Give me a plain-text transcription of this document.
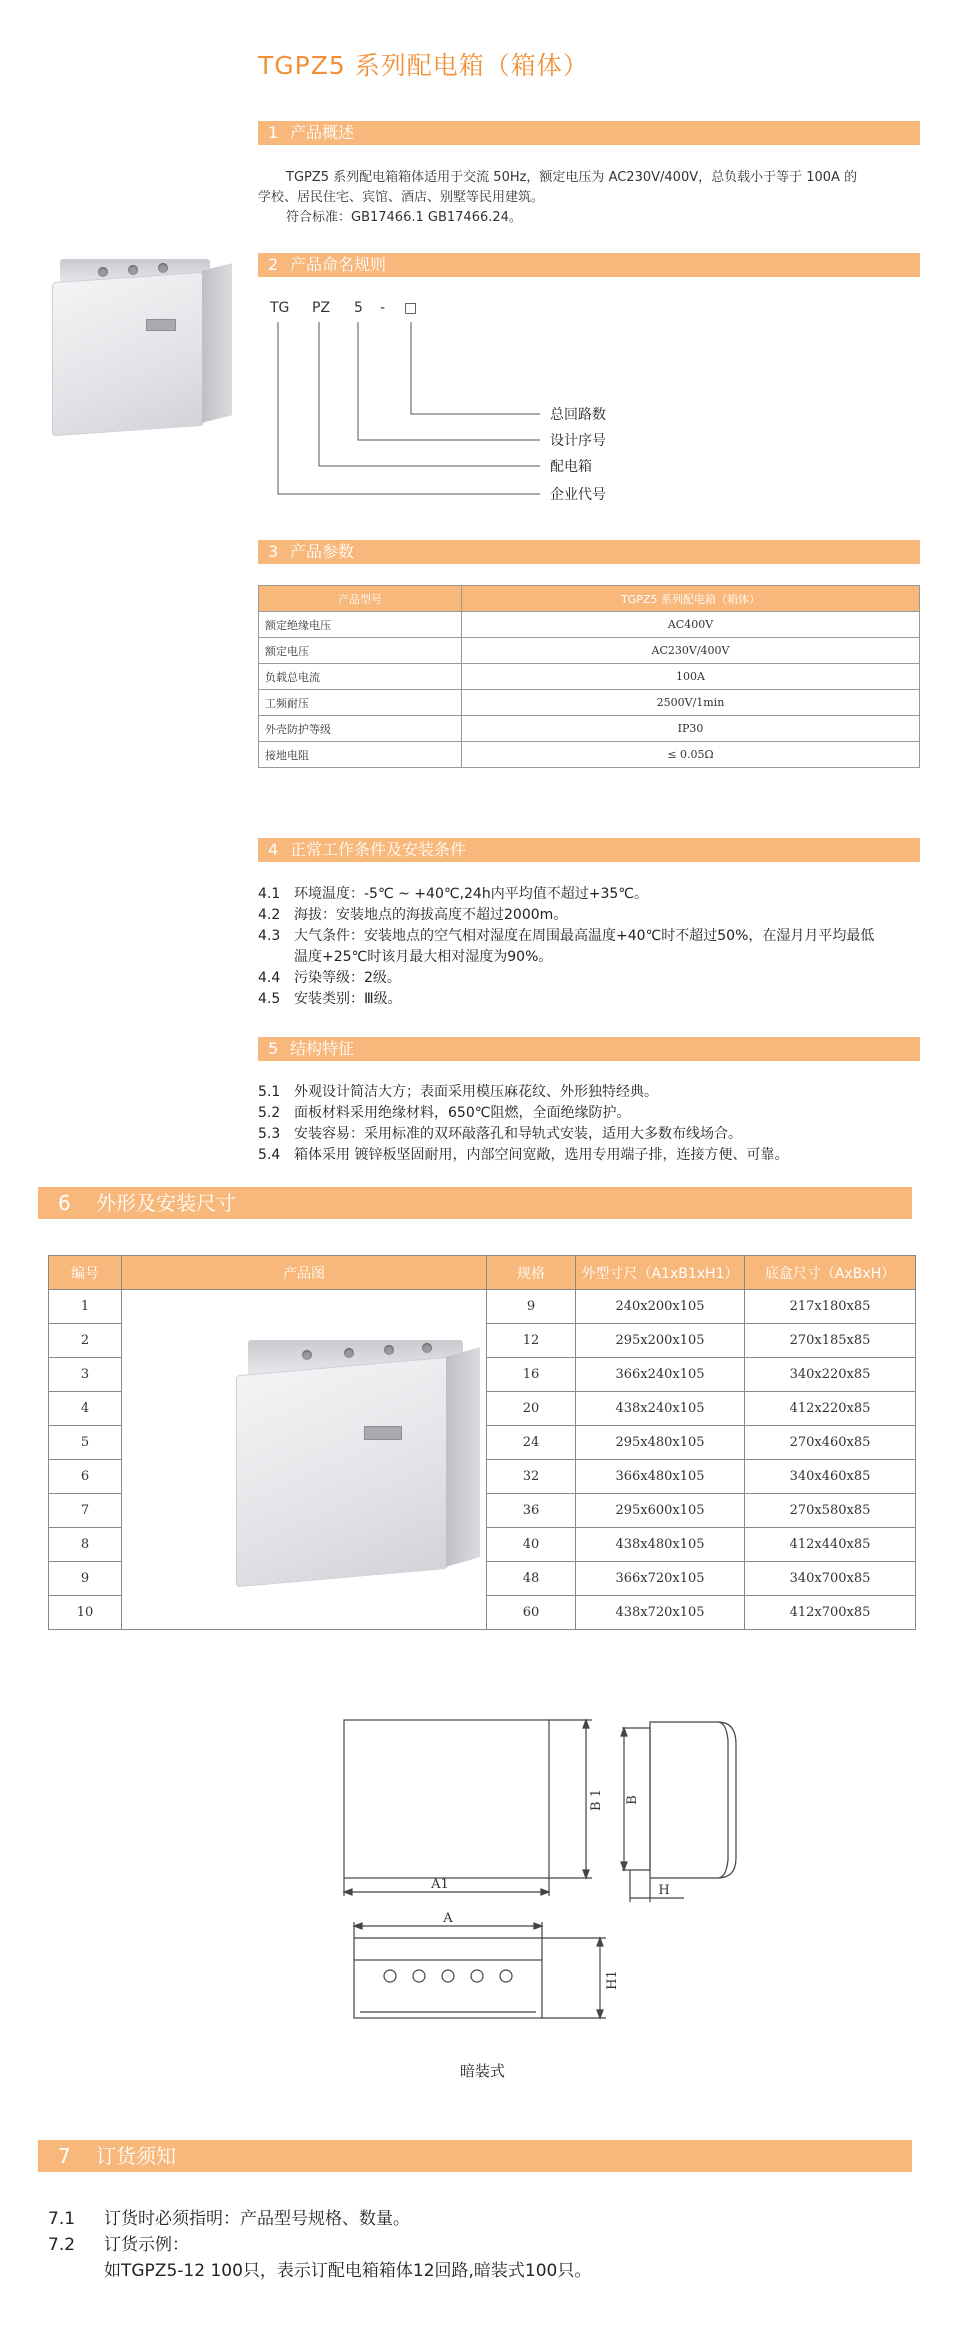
TGPZ5 系列配电箱（箱体）
1 产品概述
TGPZ5 系列配电箱箱体适用于交流 50Hz，额定电压为 AC230V/400V，总负载小于等于 100A 的
学校、居民住宅、宾馆、酒店、别墅等民用建筑。
符合标准：GB17466.1 GB17466.24。
2 产品命名规则
TG PZ 5 - □
总回路数
设计序号
配电箱
企业代号
3 产品参数
产品型号	TGPZ5 系列配电箱（箱体）
额定绝缘电压	AC400V
额定电压	AC230V/400V
负载总电流	100A
工频耐压	2500V/1min
外壳防护等级	IP30
接地电阻	≤ 0.05Ω
4 正常工作条件及安装条件
4.1 环境温度：-5℃ ~ +40℃,24h内平均值不超过+35℃。
4.2 海拔：安装地点的海拔高度不超过2000m。
4.3 大气条件：安装地点的空气相对湿度在周围最高温度+40℃时不超过50%，在湿月月平均最低
温度+25℃时该月最大相对湿度为90%。
4.4 污染等级：2级。
4.5 安装类别：Ⅲ级。
5 结构特征
5.1 外观设计简洁大方；表面采用模压麻花纹、外形独特经典。
5.2 面板材料采用绝缘材料，650℃阻燃，全面绝缘防护。
5.3 安装容易：采用标准的双环敲落孔和导轨式安装，适用大多数布线场合。
5.4 箱体采用 镀锌板坚固耐用，内部空间宽敞，选用专用端子排，连接方便、可靠。
6 外形及安装尺寸
编号	产品图	规格	外型寸尺（A1xB1xH1）	底盒尺寸（AxBxH）
1		9	240x200x105	217x180x85
2		12	295x200x105	270x185x85
3		16	366x240x105	340x220x85
4		20	438x240x105	412x220x85
5		24	295x480x105	270x460x85
6		32	366x480x105	340x460x85
7		36	295x600x105	270x580x85
8		40	438x480x105	412x440x85
9		48	366x720x105	340x700x85
10		60	438x720x105	412x700x85
A1
B 1 B
H
A
H1
暗装式
7 订货须知
7.1	订货时必须指明：产品型号规格、数量。
7.2	订货示例：
如TGPZ5-12 100只，表示订配电箱箱体12回路,暗装式100只。
